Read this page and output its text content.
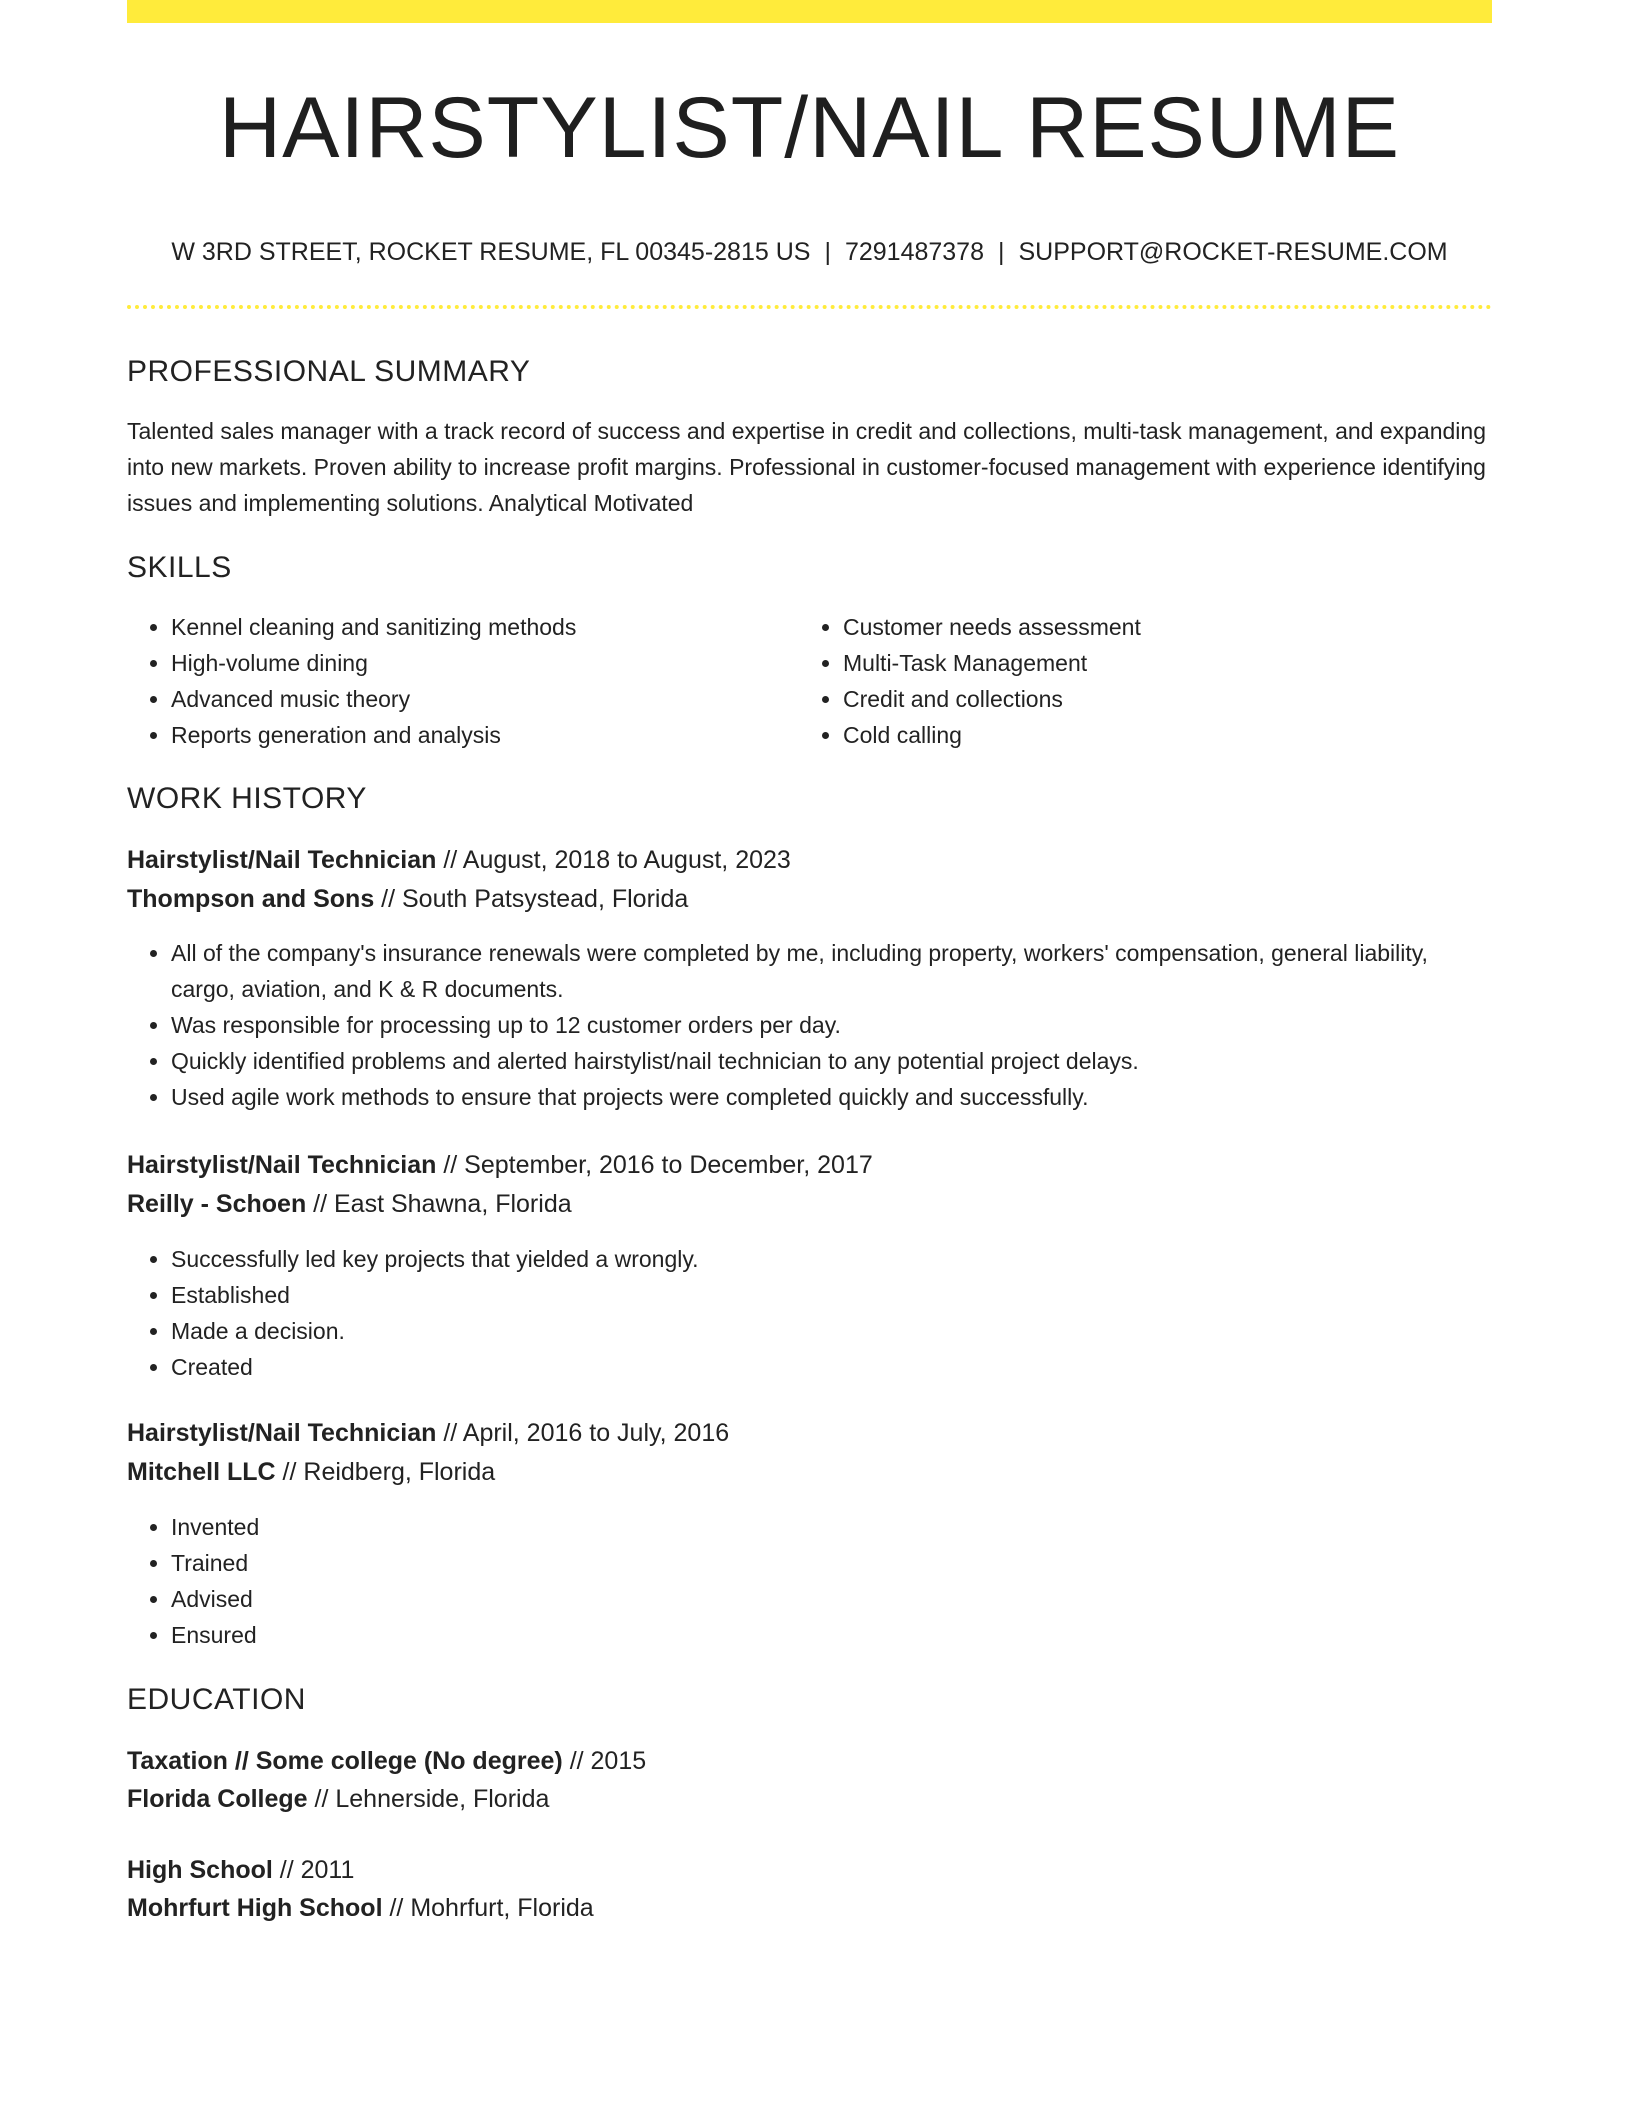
HAIRSTYLIST/NAIL RESUME
W 3RD STREET, ROCKET RESUME, FL 00345-2815 US | 7291487378 | SUPPORT@ROCKET-RESUME.COM
PROFESSIONAL SUMMARY
Talented sales manager with a track record of success and expertise in credit and collections, multi-task management, and expanding into new markets. Proven ability to increase profit margins. Professional in customer-focused management with experience identifying issues and implementing solutions. Analytical Motivated
SKILLS
• Kennel cleaning and sanitizing methods
• High-volume dining
• Advanced music theory
• Reports generation and analysis
• Customer needs assessment
• Multi-Task Management
• Credit and collections
• Cold calling
WORK HISTORY
Hairstylist/Nail Technician // August, 2018 to August, 2023
Thompson and Sons // South Patsystead, Florida
• All of the company's insurance renewals were completed by me, including property, workers' compensation, general liability, cargo, aviation, and K & R documents.
• Was responsible for processing up to 12 customer orders per day.
• Quickly identified problems and alerted hairstylist/nail technician to any potential project delays.
• Used agile work methods to ensure that projects were completed quickly and successfully.
Hairstylist/Nail Technician // September, 2016 to December, 2017
Reilly - Schoen // East Shawna, Florida
• Successfully led key projects that yielded a wrongly.
• Established
• Made a decision.
• Created
Hairstylist/Nail Technician // April, 2016 to July, 2016
Mitchell LLC // Reidberg, Florida
• Invented
• Trained
• Advised
• Ensured
EDUCATION
Taxation // Some college (No degree) // 2015
Florida College // Lehnerside, Florida
High School // 2011
Mohrfurt High School // Mohrfurt, Florida
